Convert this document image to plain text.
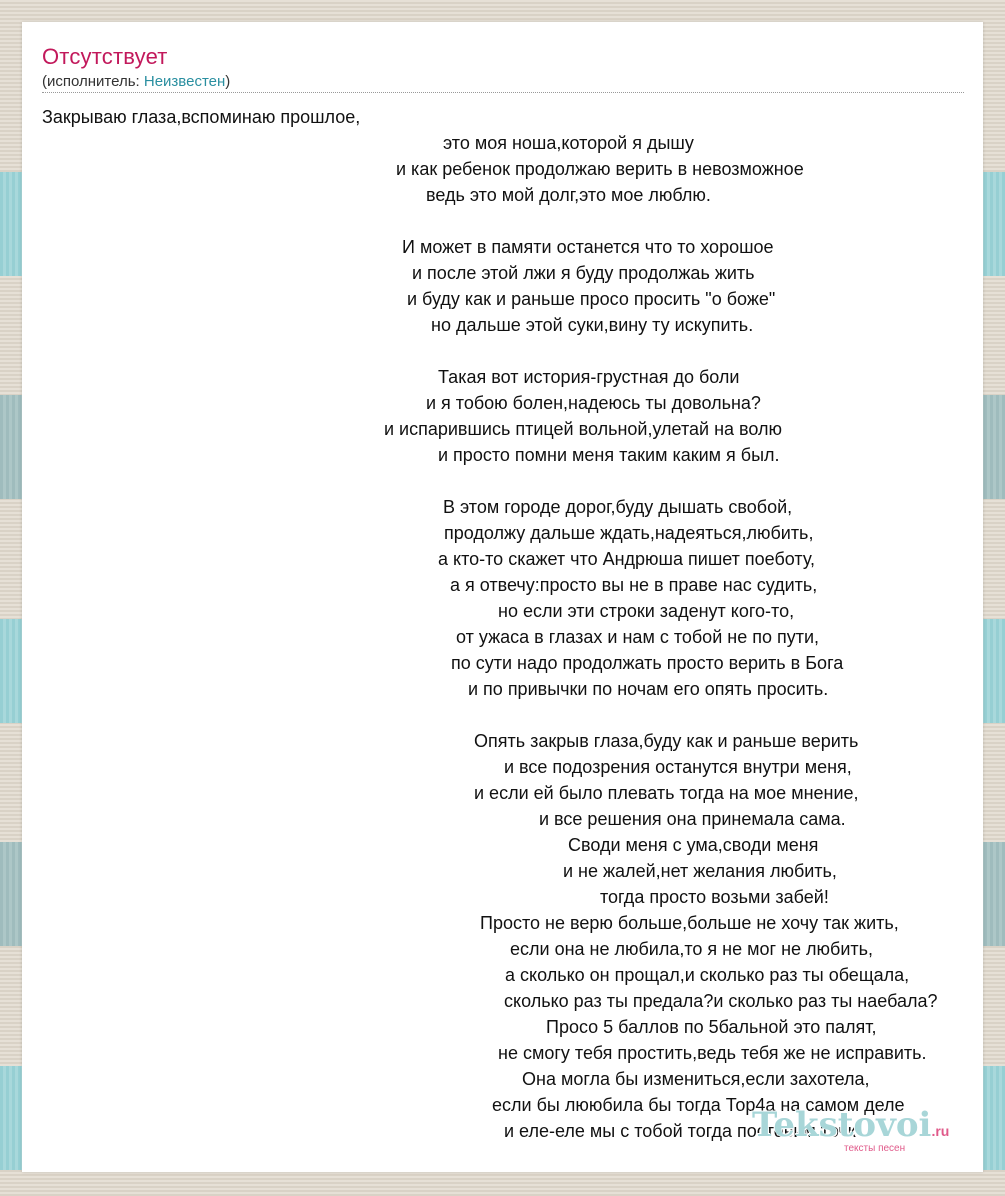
Отсутствует
(исполнитель: Неизвестен)
Закрываю глаза,вспоминаю прошлое,
это моя ноша,которой я дышу
и как ребенок продолжаю верить в невозможное
ведь это мой долг,это мое люблю.
И может в памяти останется что то хорошое
и после этой лжи я буду продолжаь жить
и буду как и раньше просо просить "о боже"
но дальше этой суки,вину ту искупить.
Такая вот история-грустная до боли
и я тобою болен,надеюсь ты довольна?
и испарившись птицей вольной,улетай на волю
и просто помни меня таким каким я был.
В этом городе дорог,буду дышать свобой,
продолжу дальше ждать,надеяться,любить,
а кто-то скажет что Андрюша пишет поеботу,
а я отвечу:просто вы не в праве нас судить,
но если эти строки заденут кого-то,
от ужаса в глазах и нам с тобой не по пути,
по сути надо продолжать просто верить в Бога
и по привычки по ночам его опять просить.
Опять закрыв глаза,буду как и раньше верить
и все подозрения останутся внутри меня,
и если ей было плевать тогда на мое мнение,
и все решения она принемала сама.
Своди меня с ума,своди меня
и не жалей,нет желания любить,
тогда просто возьми забей!
Просто не верю больше,больше не хочу так жить,
если она не любила,то я не мог не любить,
а сколько он прощал,и сколько раз ты обещала,
сколько раз ты предала?и сколько раз ты наебала?
Просо 5 баллов по 5бальной это палят,
не смогу тебя простить,ведь тебя же не исправить.
Она могла бы измениться,если захотела,
если бы лююбила бы тогда Тор4а на самом деле
и еле-еле мы с тобой тогда постовим точк
Tekstovoi.ru
тексты песен
